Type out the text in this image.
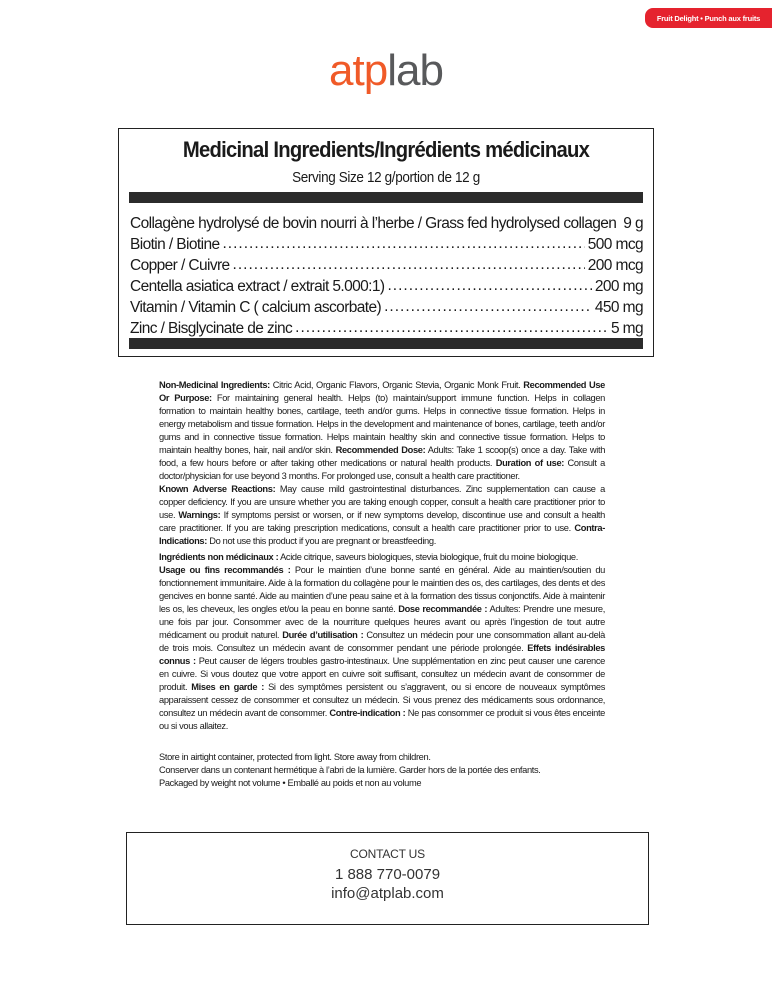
Fruit Delight • Punch aux fruits
atplab
Medicinal Ingredients/Ingrédients médicinaux
Serving Size 12 g/portion de 12 g
Collagène hydrolysé de bovin nourri à l’herbe / Grass fed hydrolysed collagen ..... 9 g
Biotin / Biotine .....	500 mcg
Copper / Cuivre .....	200 mcg
Centella asiatica extract / extrait 5.000:1) .....	200 mg
Vitamin / Vitamin C ( calcium ascorbate) .....	450 mg
Zinc / Bisglycinate de zinc .....	5 mg

Non-Medicinal Ingredients: Citric Acid, Organic Flavors, Organic Stevia, Organic Monk Fruit. Recommended Use Or Purpose: For maintaining general health. Helps (to) maintain/support immune function. Helps in collagen formation to maintain healthy bones, cartilage, teeth and/or gums. Helps in connective tissue formation. Helps in energy metabolism and tissue formation. Helps in the development and maintenance of bones, cartilage, teeth and/or gums and in connective tissue formation. Helps maintain healthy skin and connective tissue formation. Helps to maintain healthy bones, hair, nail and/or skin. Recommended Dose: Adults: Take 1 scoop(s) once a day. Take with food, a few hours before or after taking other medications or natural health products. Duration of use: Consult a doctor/physician for use beyond 3 months. For prolonged use, consult a health care practitioner.
Known Adverse Reactions: May cause mild gastrointestinal disturbances. Zinc supplementation can cause a copper deficiency. If you are unsure whether you are taking enough copper, consult a health care practitioner prior to use. Warnings: If symptoms persist or worsen, or if new symptoms develop, discontinue use and consult a health care practitioner. If you are taking prescription medications, consult a health care practitioner prior to use. Contra-Indications: Do not use this product if you are pregnant or breastfeeding.

Ingrédients non médicinaux : Acide citrique, saveurs biologiques, stevia biologique, fruit du moine biologique.
Usage ou fins recommandés : Pour le maintien d’une bonne santé en général. Aide au maintien/soutien du fonctionnement immunitaire. Aide à la formation du collagène pour le maintien des os, des cartilages, des dents et des gencives en bonne santé. Aide au maintien d’une peau saine et à la formation des tissus conjonctifs. Aide à maintenir les os, les cheveux, les ongles et/ou la peau en bonne santé. Dose recommandée : Adultes: Prendre une mesure, une fois par jour. Consommer avec de la nourriture quelques heures avant ou après l’ingestion de tout autre médicament ou produit naturel. Durée d’utilisation : Consultez un médecin pour une consommation allant au-delà de trois mois. Consultez un médecin avant de consommer pendant une période prolongée. Effets indésirables connus : Peut causer de légers troubles gastro-intestinaux. Une supplémentation en zinc peut causer une carence en cuivre. Si vous doutez que votre apport en cuivre soit suffisant, consultez un médecin avant de consommer de produit. Mises en garde : Si des symptômes persistent ou s’aggravent, ou si encore de nouveaux symptômes apparaissent cessez de consommer et consultez un médecin. Si vous prenez des médicaments sous ordonnance, consultez un médecin avant de consommer. Contre-indication : Ne pas consommer ce produit si vous êtes enceinte ou si vous allaitez.

Store in airtight container, protected from light. Store away from children.
Conserver dans un contenant hermétique à l’abri de la lumière. Garder hors de la portée des enfants.
Packaged by weight not volume • Emballé au poids et non au volume
CONTACT US
1 888 770-0079
info@atplab.com
